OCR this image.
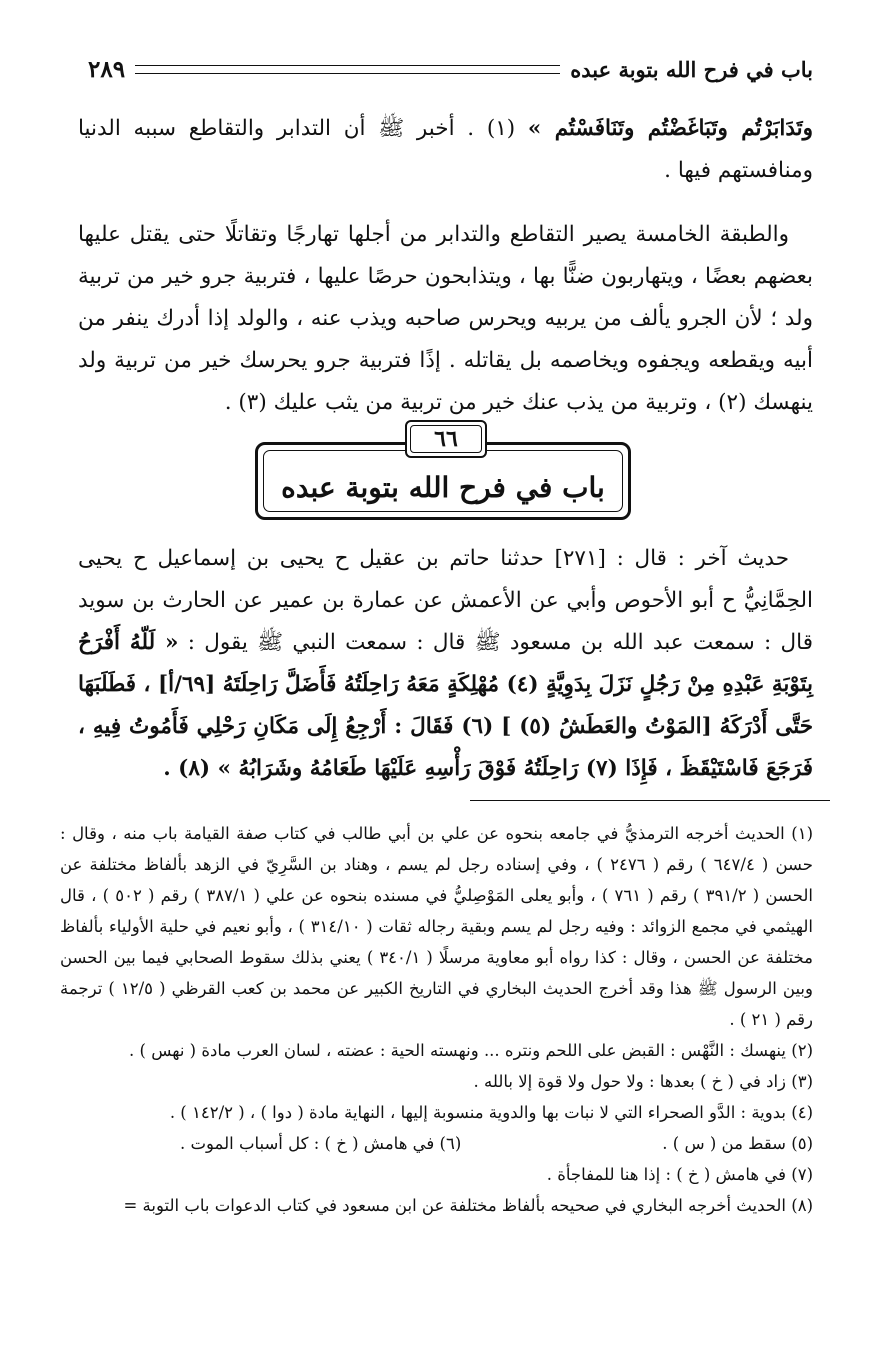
باب في فرح الله بتوبة عبده
٢٨٩

وتَدَابَرْتُم وتَبَاغَضْتُم وتَنَافَسْتُم » (١) . أخبر ﷺ أن التدابر والتقاطع سببه الدنيا ومنافستهم فيها .

والطبقة الخامسة يصير التقاطع والتدابر من أجلها تهارجًا وتقاتلًا حتى يقتل عليها بعضهم بعضًا ، ويتهاربون ضنًّا بها ، ويتذابحون حرصًا عليها ، فتربية جرو خير من تربية ولد ؛ لأن الجرو يألف من يربيه ويحرس صاحبه ويذب عنه ، والولد إذا أدرك ينفر من أبيه ويقطعه ويجفوه ويخاصمه بل يقاتله . إذًا فتربية جرو يحرسك خير من تربية ولد ينهسك (٢) ، وتربية من يذب عنك خير من تربية من يثب عليك (٣) .

باب في فرح الله بتوبة عبده
٦٦

حديث آخر : قال : [٢٧١] حدثنا حاتم بن عقيل ح يحيى بن إسماعيل ح يحيى الحِمَّانِيُّ ح أبو الأحوص وأبي عن الأعمش عن عمارة بن عمير عن الحارث بن سويد قال : سمعت عبد الله بن مسعود ﷺ قال : سمعت النبي ﷺ يقول : « لَلّهُ أَفْرَحُ بِتَوْبَةِ عَبْدِهِ مِنْ رَجُلٍ نَزَلَ بِدَوِيَّةٍ (٤) مُهْلِكَةٍ مَعَهُ رَاحِلَتُهُ فَأَضَلَّ رَاحِلَتَهُ [٦٩/أ] ، فَطَلَبَهَا حَتَّى أَدْرَكَهُ [المَوْتُ والعَطَشُ (٥) ] (٦) فَقَالَ : أَرْجِعُ إِلَى مَكَانِ رَحْلِي فَأَمُوتُ فِيهِ ، فَرَجَعَ فَاسْتَيْقَظَ ، فَإِذَا (٧) رَاحِلَتُهُ فَوْقَ رَأْسِهِ عَلَيْهَا طَعَامُهُ وشَرَابُهُ » (٨) .

(١) الحديث أخرجه الترمذيُّ في جامعه بنحوه عن علي بن أبي طالب في كتاب صفة القيامة باب منه ، وقال : حسن ( ٦٤٧/٤ ) رقم ( ٢٤٧٦ ) ، وفي إسناده رجل لم يسم ، وهناد بن السَّرِيّ في الزهد بألفاظ مختلفة عن الحسن ( ٣٩١/٢ ) رقم ( ٧٦١ ) ، وأبو يعلى المَوْصِليُّ في مسنده بنحوه عن علي ( ٣٨٧/١ ) رقم ( ٥٠٢ ) ، قال الهيثمي في مجمع الزوائد : وفيه رجل لم يسم وبقية رجاله ثقات ( ٣١٤/١٠ ) ، وأبو نعيم في حلية الأولياء بألفاظ مختلفة عن الحسن ، وقال : كذا رواه أبو معاوية مرسلًا ( ٣٤٠/١ ) يعني بذلك سقوط الصحابي فيما بين الحسن وبين الرسول ﷺ هذا وقد أخرج الحديث البخاري في التاريخ الكبير عن محمد بن كعب القرظي ( ١٢/٥ ) ترجمة رقم ( ٢١ ) .

(٢) ينهسك : النَّهْس : القبض على اللحم ونتره ... ونهسته الحية : عضته ، لسان العرب مادة ( نهس ) .

(٣) زاد في ( خ ) بعدها : ولا حول ولا قوة إلا بالله .

(٤) بدوية : الدَّو الصحراء التي لا نبات بها والدوية منسوبة إليها ، النهاية مادة ( دوا ) ، ( ١٤٢/٢ ) .

(٥) سقط من ( س ) .
(٦) في هامش ( خ ) : كل أسباب الموت .

(٧) في هامش ( خ ) : إذا هنا للمفاجأة .

(٨) الحديث أخرجه البخاري في صحيحه بألفاظ مختلفة عن ابن مسعود في كتاب الدعوات باب التوبة =
